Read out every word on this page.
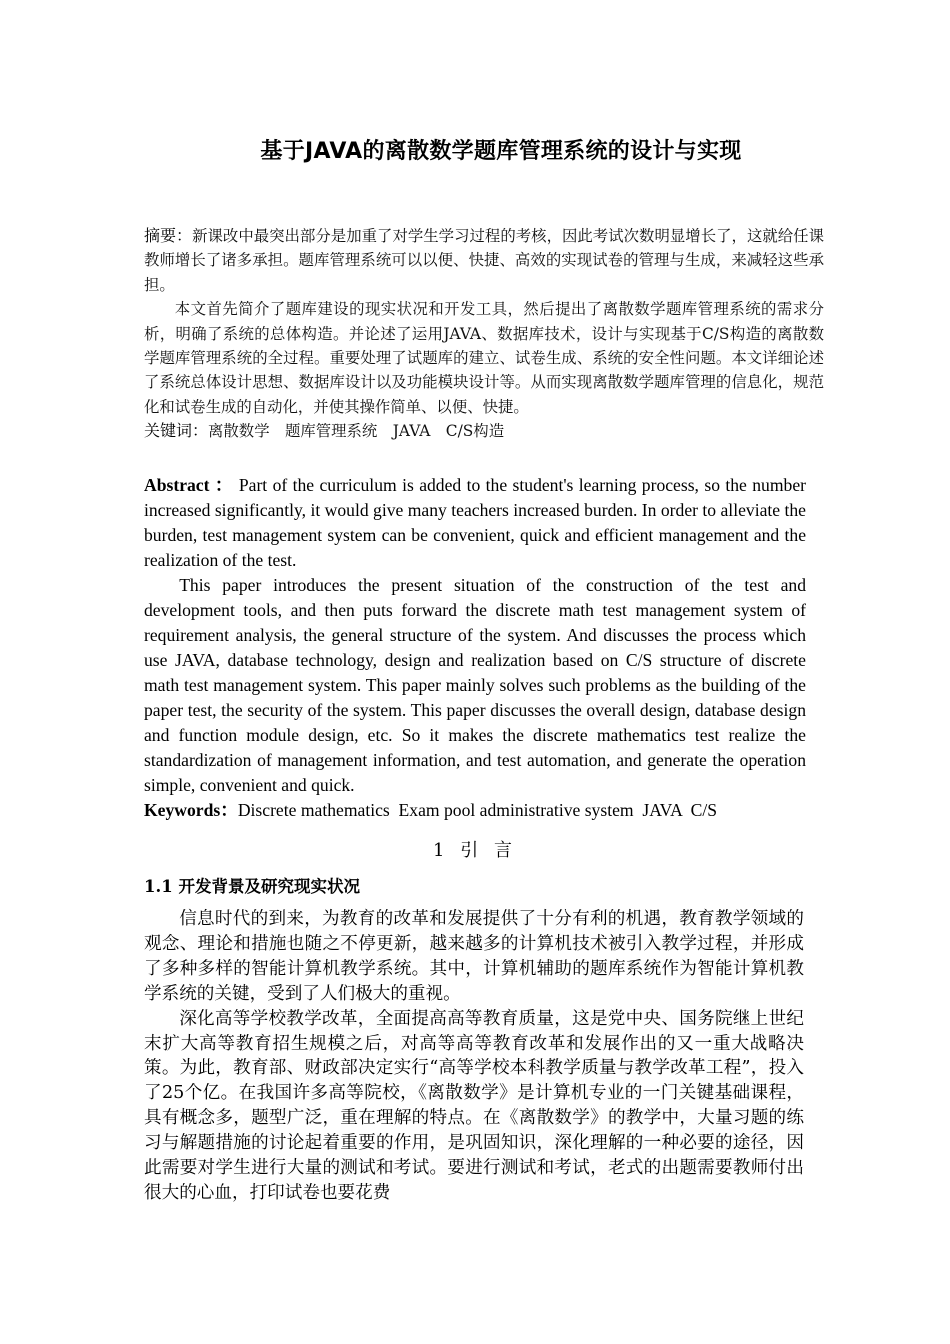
基于JAVA的离散数学题库管理系统的设计与实现

摘要：新课改中最突出部分是加重了对学生学习过程的考核，因此考试次数明显增长了，这就给任课教师增长了诸多承担。题库管理系统可以以便、快捷、高效的实现试卷的管理与生成，来减轻这些承担。

本文首先简介了题库建设的现实状况和开发工具，然后提出了离散数学题库管理系统的需求分析，明确了系统的总体构造。并论述了运用JAVA、数据库技术，设计与实现基于C/S构造的离散数学题库管理系统的全过程。重要处理了试题库的建立、试卷生成、系统的安全性问题。本文详细论述了系统总体设计思想、数据库设计以及功能模块设计等。从而实现离散数学题库管理的信息化，规范化和试卷生成的自动化，并使其操作简单、以便、快捷。

关键词：离散数学　题库管理系统　JAVA　C/S构造

Abstract ： Part of the curriculum is added to the student's learning process, so the number increased significantly, it would give many teachers increased burden. In order to alleviate the burden, test management system can be convenient, quick and efficient management and the realization of the test.

This paper introduces the present situation of the construction of the test and development tools, and then puts forward the discrete math test management system of requirement analysis, the general structure of the system. And discusses the process which use JAVA, database technology, design and realization based on C/S structure of discrete math test management system. This paper mainly solves such problems as the building of the paper test, the security of the system. This paper discusses the overall design, database design and function module design, etc. So it makes the discrete mathematics test realize the standardization of management information, and test automation, and generate the operation simple, convenient and quick.

Keywords：Discrete mathematics  Exam pool administrative system  JAVA  C/S

1 引 言
1.1 开发背景及研究现实状况

信息时代的到来，为教育的改革和发展提供了十分有利的机遇，教育教学领域的观念、理论和措施也随之不停更新，越来越多的计算机技术被引入教学过程，并形成了多种多样的智能计算机教学系统。其中，计算机辅助的题库系统作为智能计算机教学系统的关键，受到了人们极大的重视。

深化高等学校教学改革，全面提高高等教育质量，这是党中央、国务院继上世纪末扩大高等教育招生规模之后，对高等高等教育改革和发展作出的又一重大战略决策。为此，教育部、财政部决定实行“高等学校本科教学质量与教学改革工程”，投入了25个亿。在我国许多高等院校，《离散数学》是计算机专业的一门关键基础课程，具有概念多，题型广泛，重在理解的特点。在《离散数学》的教学中，大量习题的练习与解题措施的讨论起着重要的作用，是巩固知识，深化理解的一种必要的途径，因此需要对学生进行大量的测试和考试。要进行测试和考试，老式的出题需要教师付出很大的心血，打印试卷也要花费
